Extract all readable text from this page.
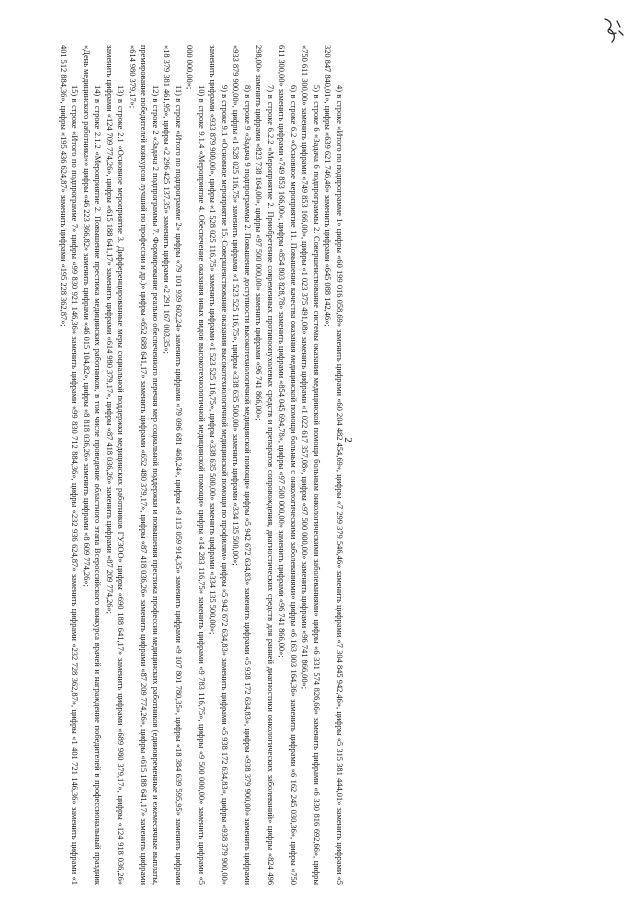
2

4) в строке «Итого по подпрограмме 1» цифры «60 199 016 058,69» заменить цифрами «60 204 482 454,69», цифры «7 299 379 546,46» заменить цифрами «7 304 845 942,46», цифры «5 315 381 444,01» заменить цифрами «5 320 847 840,01», цифры «639 621 746,46» заменить цифрами «645 088 142,46»;

5) в строке 6 «Задача 6 подпрограммы 2. Совершенствование системы оказания медицинской помощи больным онкологическими заболеваниями» цифры «6 331 574 826,66» заменить цифрами «6 330 816 692,66», цифры «750 611 300,00» заменить цифрами «749 853 166,00», цифры «1 023 375 491,08» заменить цифрами «1 022 617 357,08», цифры «97 500 000,00» заменить цифрами «96 741 866,00»;

6) в строке 6.2 «Основное мероприятие 11. Повышение качества оказания медицинской помощи больным с онкологическими заболеваниями» цифры «6 163 003 164,36» заменить цифрами «6 162 245 030,36», цифры «750 611 300,00» заменить цифрами «749 853 166,00», цифры «854 803 828,78» заменить цифрами «854 045 694,78», цифры «97 500 000,00» заменить цифрами «96 741 866,00»;

7) в строке 6.2.2 «Мероприятие 2. Приобретение современных противоопухолевых средств и препаратов сопровождения, диагностических средств для ранней диагностики онкологических заболеваний» цифры «824 496 298,00» заменить цифрами «823 738 164,00», цифры «97 500 000,00» заменить цифрами «96 741 866,00»;

8) в строке 9 «Задача 9 подпрограммы 2. Повышение доступности высокотехнологичной медицинской помощи» цифры «5 942 672 634,83» заменить цифрами «5 938 172 634,83», цифры «938 379 900,00» заменить цифрами «933 879 900,00», цифры «1 528 025 116,75» заменить цифрами «1 523 525 116,75», цифры «338 635 500,00» заменить цифрами «334 135 500,00»;

9) в строке 9.1 «Основное мероприятие 15. Совершенствование оказания высокотехнологичной медицинской помощи по профилям» цифры «5 942 672 634,83» заменить цифрами «5 938 172 634,83», цифры «938 379 900,00» заменить цифрами «933 879 900,00», цифры «1 528 025 116,75» заменить цифрами «1 523 525 116,75», цифры «338 635 500,00» заменить цифрами «334 135 500,00»;

10) в строке 9.1.4 «Мероприятие 4. Обеспечение оказания иных видов высокотехнологичной медицинской помощи» цифры «14 283 116,75» заменить цифрами «9 783 116,75», цифры «9 500 000,00» заменить цифрами «5 000 000,00»;

11) в строке «Итого по подпрограмме 2» цифры «79 101 939 602,24» заменить цифрами «79 096 681 468,24», цифры «9 113 059 914,35» заменить цифрами «9 107 801 780,35», цифры «18 384 639 595,95» заменить цифрами «18 379 381 461,95», цифры «2 296 425 137,35» заменить цифрами «2 291 167 003,35»;

12) в строке 2 «Задача 2 подпрограммы 7. Формирование реально обеспеченного перечня мер социальной поддержки и повышения престижа профессии медицинских работников (единовременные и ежемесячные выплаты, премирование победителей конкурсов лучший по профессии и др.)» цифры «652 688 641,17» заменить цифрами «652 480 379,17», цифры «87 418 036,26» заменить цифрами «87 209 774,26», цифры «615 188 641,17» заменить цифрами «614 980 379,17»;

13) в строке 2.1 «Основное мероприятие 3. Дифференцированные меры социальной поддержки медицинских работников ГУЗОО» цифры «690 188 641,17» заменить цифрами «689 980 379,17», цифры «124 918 036,26» заменить цифрами «124 709 774,26», цифры «615 188 641,17» заменить цифрами «614 980 379,17», цифры «87 418 036,26» заменить цифрами «87 209 774,26»;

14) в строке 2.1.2 «Мероприятие 2. Повышение престижа медицинских работников, в том числе проведение областного этапа Всероссийского конкурса врачей и награждение победителей в профессиональный праздник «День медицинского работника»» цифры «46 223 366,82» заменить цифрами «46 015 104,82», цифры «8 818 036,26» заменить цифрами «8 609 774,26»;

15) в строке «Итого по подпрограмме 7» цифры «99 830 921 146,36» заменить цифрами «99 830 712 884,36», цифры «232 936 624,87» заменить цифрами «232 728 362,87», цифры «1 401 721 146,36» заменить цифрами «1 401 512 884,36», цифры «195 436 624,87» заменить цифрами «195 228 362,87»;
